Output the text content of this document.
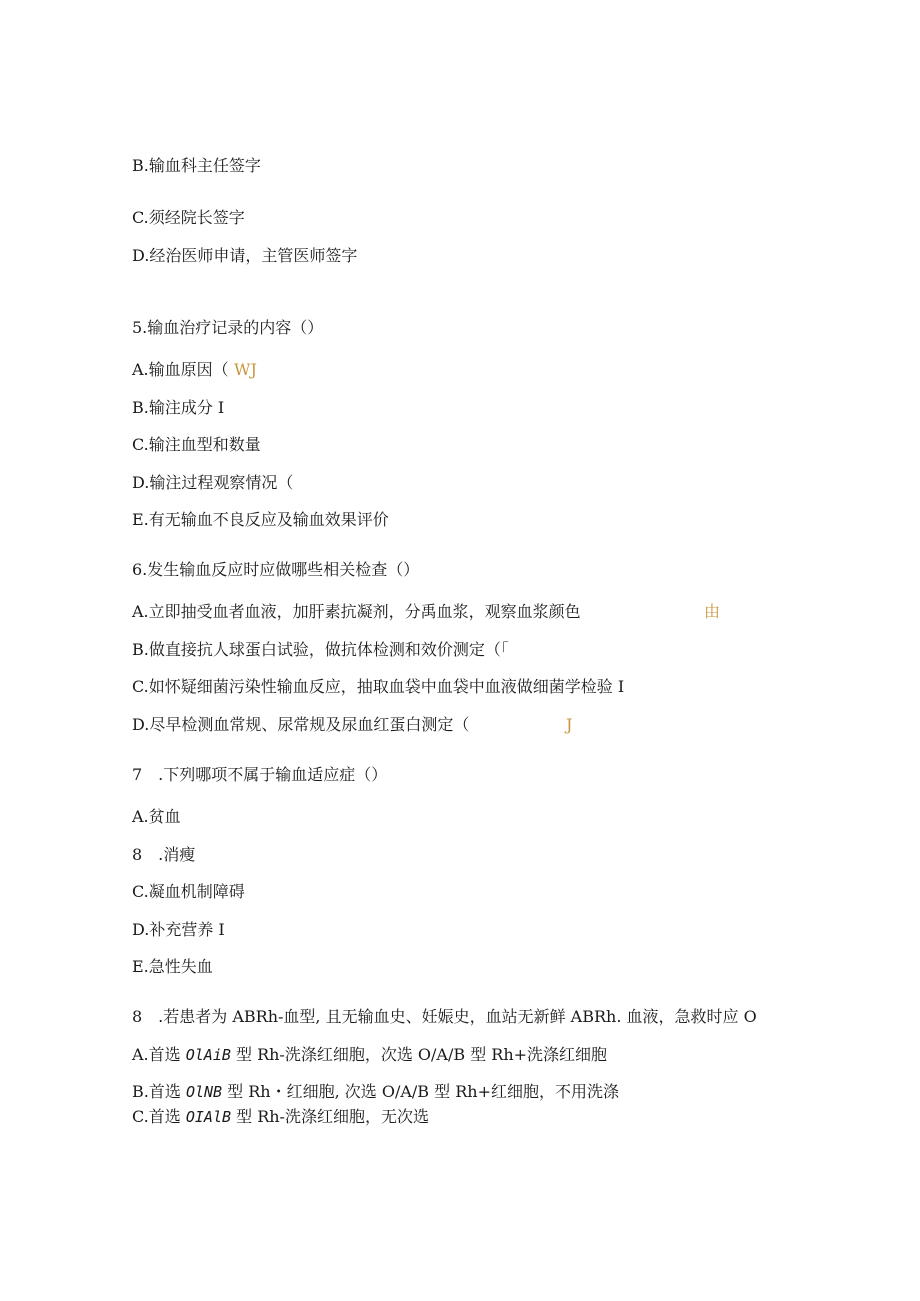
B.输血科主任签字
C.须经院长签字
D.经治医师申请，主管医师签字
5.输血治疗记录的内容（）
A.输血原因（ WJ
B.输注成分 I
C.输注血型和数量
D.输注过程观察情况（
E.有无输血不良反应及输血效果评价
6.发生输血反应时应做哪些相关检查（）
A.立即抽受血者血液，加肝素抗凝剂，分禹血浆，观察血浆颜色	由
B.做直接抗人球蛋白试验，做抗体检测和效价测定（「
C.如怀疑细菌污染性输血反应，抽取血袋中血袋中血液做细菌学检验 I
D.尽早检测血常规、尿常规及尿血红蛋白测定（	J
7　.下列哪项不属于输血适应症（）
A.贫血
8　.消瘦
C.凝血机制障碍
D.补充营养 I
E.急性失血
8　.若患者为 ABRh-血型, 且无输血史、妊娠史，血站无新鲜 ABRh. 血液，急救时应 O
A.首选 OlAiB 型 Rh-洗涤红细胞，次选 O/A/B 型 Rh+洗涤红细胞
B.首选 OlNB 型 Rh・红细胞, 次选 O/A/B 型 Rh+红细胞，不用洗涤
C.首选 OIAlB 型 Rh-洗涤红细胞，无次选
